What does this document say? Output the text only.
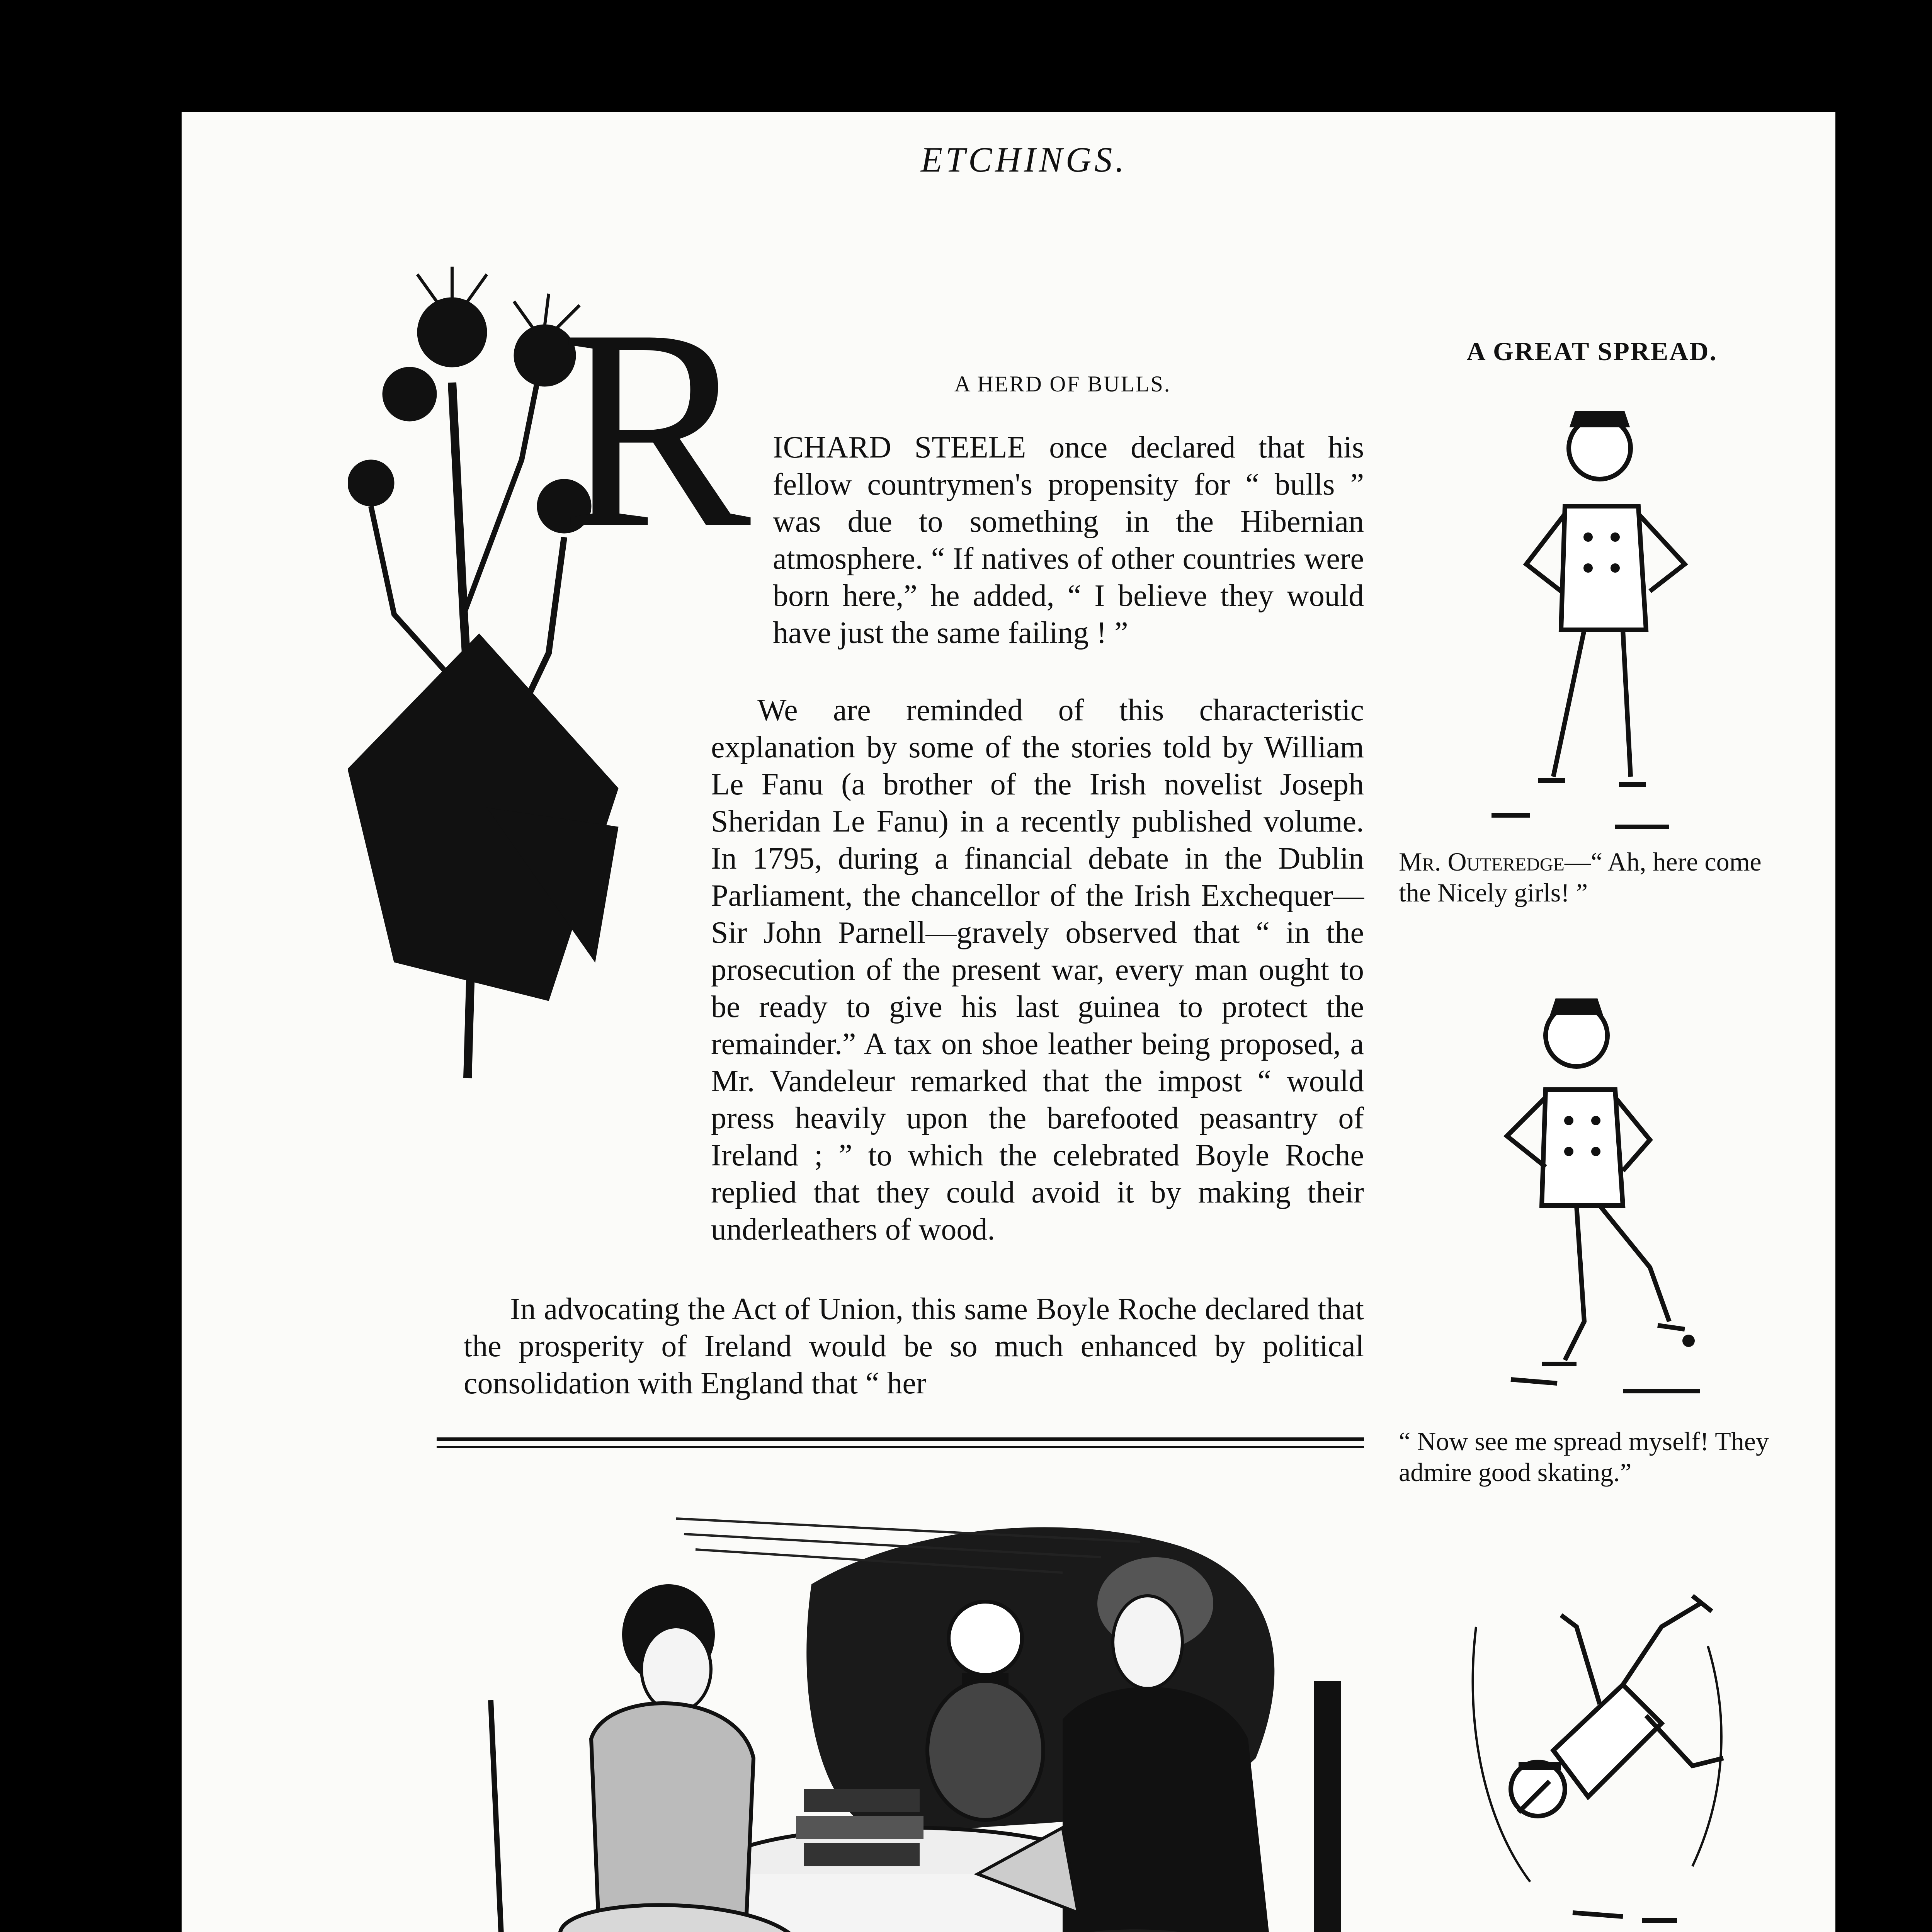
ETCHINGS.
R	A HERD OF BULLS.

ICHARD STEELE once declared that his fellow countrymen's propensity for “ bulls ” was due to something in the Hibernian atmosphere. “ If natives of other countries were born here,” he added, “ I believe they would have just the same failing ! ”

We are reminded of this characteristic explanation by some of the stories told by William Le Fanu (a brother of the Irish novelist Joseph Sheridan Le Fanu) in a recently published volume. In 1795, during a financial debate in the Dublin Parliament, the chancellor of the Irish Exchequer—Sir John Parnell—gravely observed that “ in the prosecution of the present war, every man ought to be ready to give his last guinea to protect the remainder.” A tax on shoe leather being proposed, a Mr. Vandeleur remarked that the impost “ would press heavily upon the barefooted peasantry of Ireland ; ” to which the celebrated Boyle Roche replied that they could avoid it by making their underleathers of wood.

In advocating the Act of Union, this same Boyle Roche declared that the prosperity of Ireland would be so much enhanced by political consolidation with England that “ her

A GREAT SPREAD.
Mr. Outeredge—“ Ah, here come the Nicely girls! ”
“ Now see me spread myself! They admire good skating.”
